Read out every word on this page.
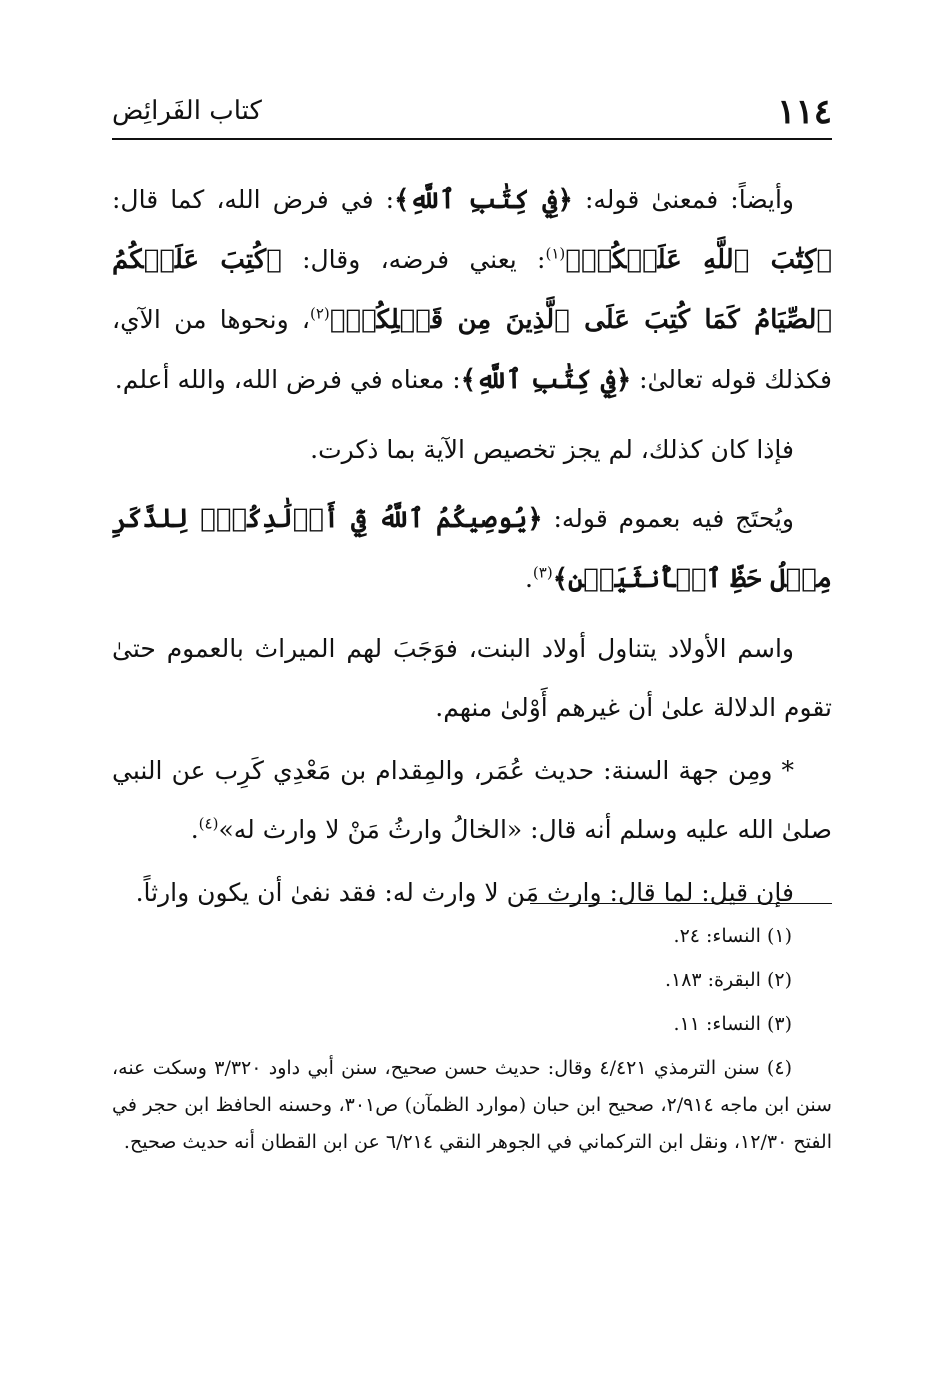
١١٤
كتاب الفَرائِض

وأيضاً: فمعنىٰ قوله: ﴿فِي كِتَٰبِ ٱللَّهِ﴾: في فرض الله، كما قال: ﴿كِتَٰبَ ٱللَّهِ عَلَيۡكُمۡ﴾$^{(١)}$: يعني فرضه، وقال: ﴿كُتِبَ عَلَيۡكُمُ ٱلصِّيَامُ كَمَا كُتِبَ عَلَى ٱلَّذِينَ مِن قَبۡلِكُمۡ﴾$^{(٢)}$، ونحوها من الآي، فكذلك قوله تعالىٰ: ﴿فِي كِتَٰبِ ٱللَّهِ﴾: معناه في فرض الله، والله أعلم.

فإذا كان كذلك، لم يجز تخصيص الآية بما ذكرت.

ويُحتَج فيه بعموم قوله: ﴿يُوصِيكُمُ ٱللَّهُ فِيٓ أَوۡلَٰدِكُمۡۖ لِلذَّكَرِ مِثۡلُ حَظِّ ٱلۡأُنثَيَيۡنِ﴾$^{(٣)}$.

واسم الأولاد يتناول أولاد البنت، فوَجَبَ لهم الميراث بالعموم حتىٰ تقوم الدلالة علىٰ أن غيرهم أَوْلىٰ منهم.

* ومِن جهة السنة: حديث عُمَر، والمِقدام بن مَعْدِي كَرِب عن النبي صلىٰ الله عليه وسلم أنه قال: «الخالُ وارثُ مَنْ لا وارث له»$^{(٤)}$.

فإن قيل: لما قال: وارث مَن لا وارث له: فقد نفىٰ أن يكون وارثاً.

(١) النساء: ٢٤.

(٢) البقرة: ١٨٣.

(٣) النساء: ١١.

(٤) سنن الترمذي ٤/٤٢١ وقال: حديث حسن صحيح، سنن أبي داود ٣/٣٢٠ وسكت عنه، سنن ابن ماجه ٢/٩١٤، صحيح ابن حبان (موارد الظمآن) ص٣٠١، وحسنه الحافظ ابن حجر في الفتح ١٢/٣٠، ونقل ابن التركماني في الجوهر النقي ٦/٢١٤ عن ابن القطان أنه حديث صحيح.
